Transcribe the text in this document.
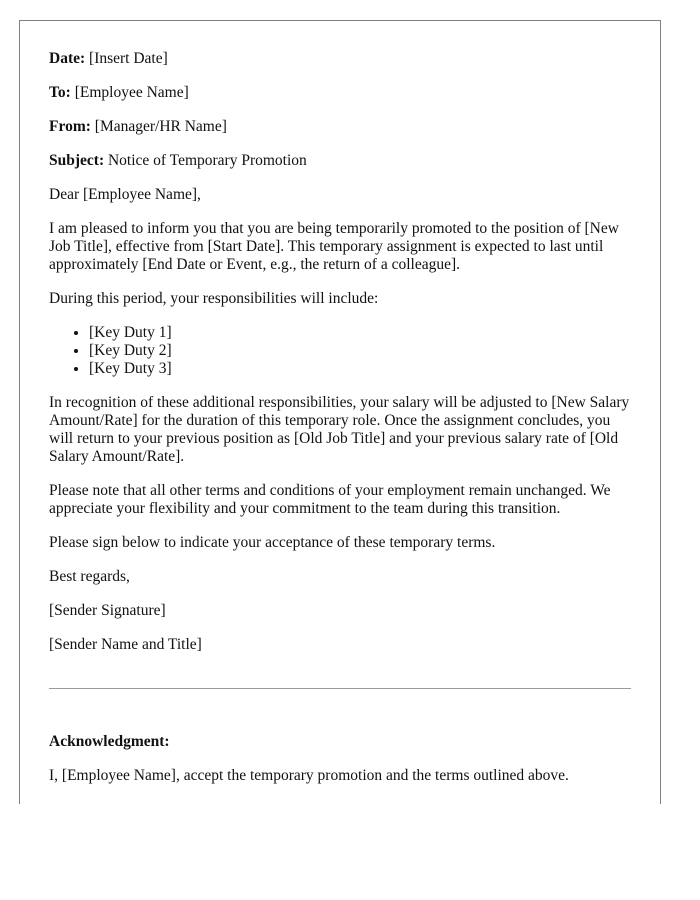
Date: [Insert Date]
To: [Employee Name]
From: [Manager/HR Name]
Subject: Notice of Temporary Promotion

Dear [Employee Name],

I am pleased to inform you that you are being temporarily promoted to the position of [New Job Title], effective from [Start Date]. This temporary assignment is expected to last until approximately [End Date or Event, e.g., the return of a colleague].

During this period, your responsibilities will include:

• [Key Duty 1]
• [Key Duty 2]
• [Key Duty 3]

In recognition of these additional responsibilities, your salary will be adjusted to [New Salary Amount/Rate] for the duration of this temporary role. Once the assignment concludes, you will return to your previous position as [Old Job Title] and your previous salary rate of [Old Salary Amount/Rate].

Please note that all other terms and conditions of your employment remain unchanged. We appreciate your flexibility and your commitment to the team during this transition.

Please sign below to indicate your acceptance of these temporary terms.

Best regards,

[Sender Signature]

[Sender Name and Title]

Acknowledgment:

I, [Employee Name], accept the temporary promotion and the terms outlined above.
